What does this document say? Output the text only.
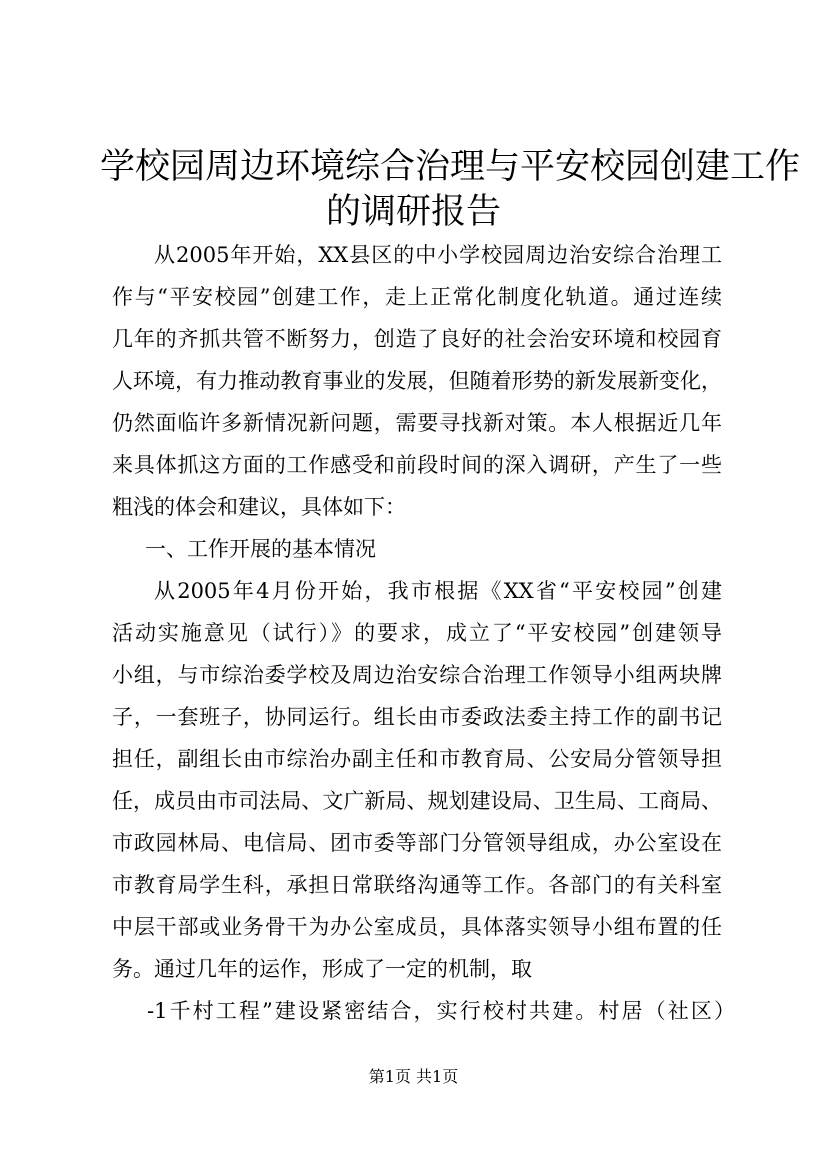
学校园周边环境综合治理与平安校园创建工作
的调研报告
从2005年开始，XX县区的中小学校园周边治安综合治理工
作与“平安校园”创建工作，走上正常化制度化轨道。通过连续
几年的齐抓共管不断努力，创造了良好的社会治安环境和校园育
人环境，有力推动教育事业的发展，但随着形势的新发展新变化，
仍然面临许多新情况新问题，需要寻找新对策。本人根据近几年
来具体抓这方面的工作感受和前段时间的深入调研，产生了一些
粗浅的体会和建议，具体如下：
一、工作开展的基本情况
从2005年4月份开始，我市根据《XX省“平安校园”创建
活动实施意见（试行）》的要求，成立了“平安校园”创建领导
小组，与市综治委学校及周边治安综合治理工作领导小组两块牌
子，一套班子，协同运行。组长由市委政法委主持工作的副书记
担任，副组长由市综治办副主任和市教育局、公安局分管领导担
任，成员由市司法局、文广新局、规划建设局、卫生局、工商局、
市政园林局、电信局、团市委等部门分管领导组成，办公室设在
市教育局学生科，承担日常联络沟通等工作。各部门的有关科室
中层干部或业务骨干为办公室成员，具体落实领导小组布置的任
务。通过几年的运作，形成了一定的机制，取
-1千村工程”建设紧密结合，实行校村共建。村居（社区）
第1页 共1页
